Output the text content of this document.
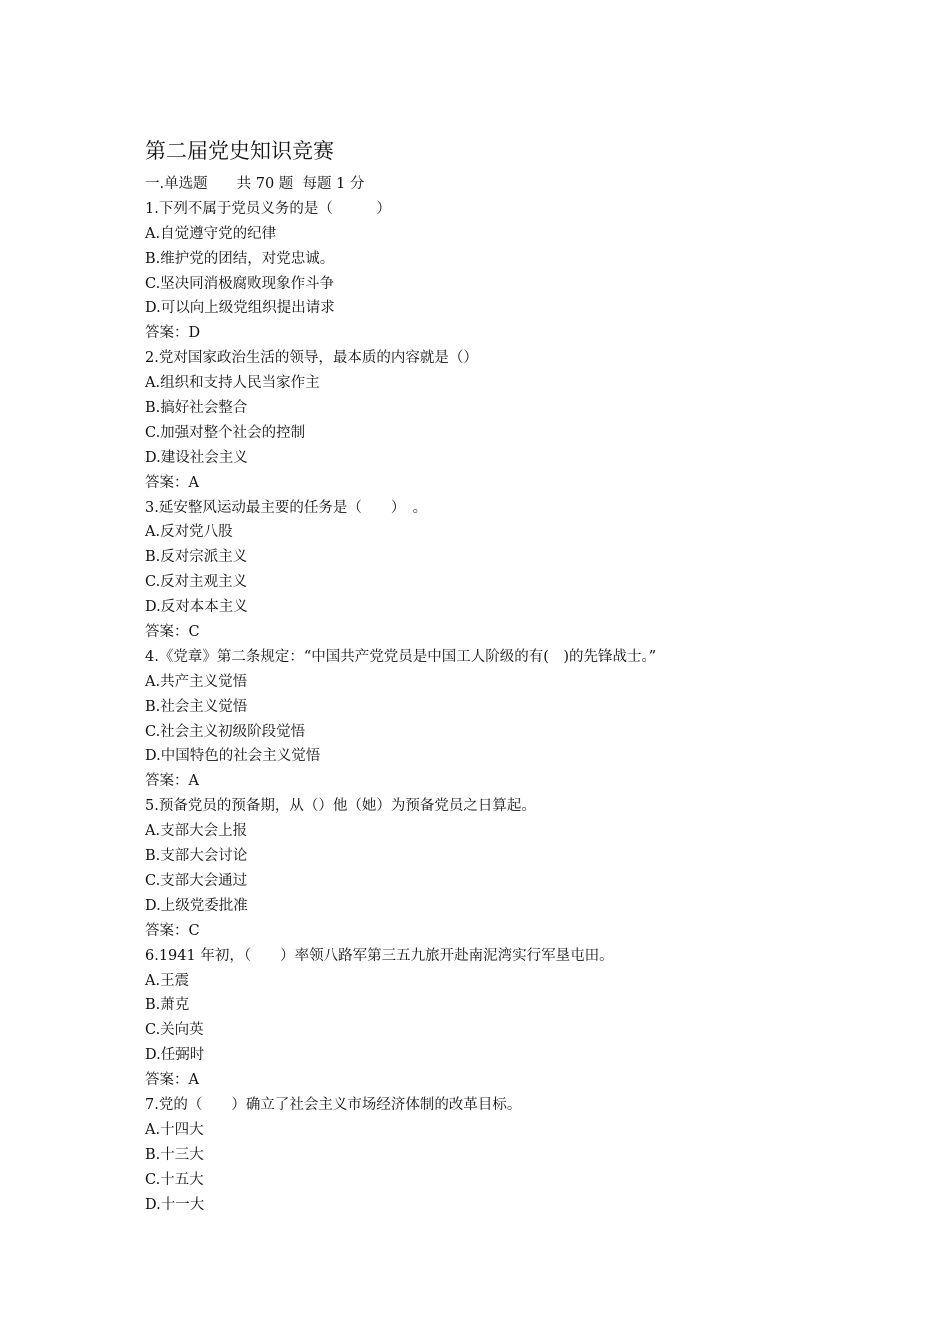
第二届党史知识竞赛
一.单选题　　共 70 题  每题 1 分
1.下列不属于党员义务的是（　　　）
A.自觉遵守党的纪律
B.维护党的团结，对党忠诚。
C.坚决同消极腐败现象作斗争
D.可以向上级党组织提出请求
答案：D
2.党对国家政治生活的领导，最本质的内容就是（）
A.组织和支持人民当家作主
B.搞好社会整合
C.加强对整个社会的控制
D.建设社会主义
答案：A
3.延安整风运动最主要的任务是（　　）　。
A.反对党八股
B.反对宗派主义
C.反对主观主义
D.反对本本主义
答案：C
4.《党章》第二条规定：“中国共产党党员是中国工人阶级的有(　)的先锋战士。”
A.共产主义觉悟
B.社会主义觉悟
C.社会主义初级阶段觉悟
D.中国特色的社会主义觉悟
答案：A
5.预备党员的预备期，从（）他（她）为预备党员之日算起。
A.支部大会上报
B.支部大会讨论
C.支部大会通过
D.上级党委批准
答案：C
6.1941 年初，（　　）率领八路军第三五九旅开赴南泥湾实行军垦屯田。
A.王震
B.萧克
C.关向英
D.任弼时
答案：A
7.党的（　　）确立了社会主义市场经济体制的改革目标。
A.十四大
B.十三大
C.十五大
D.十一大
